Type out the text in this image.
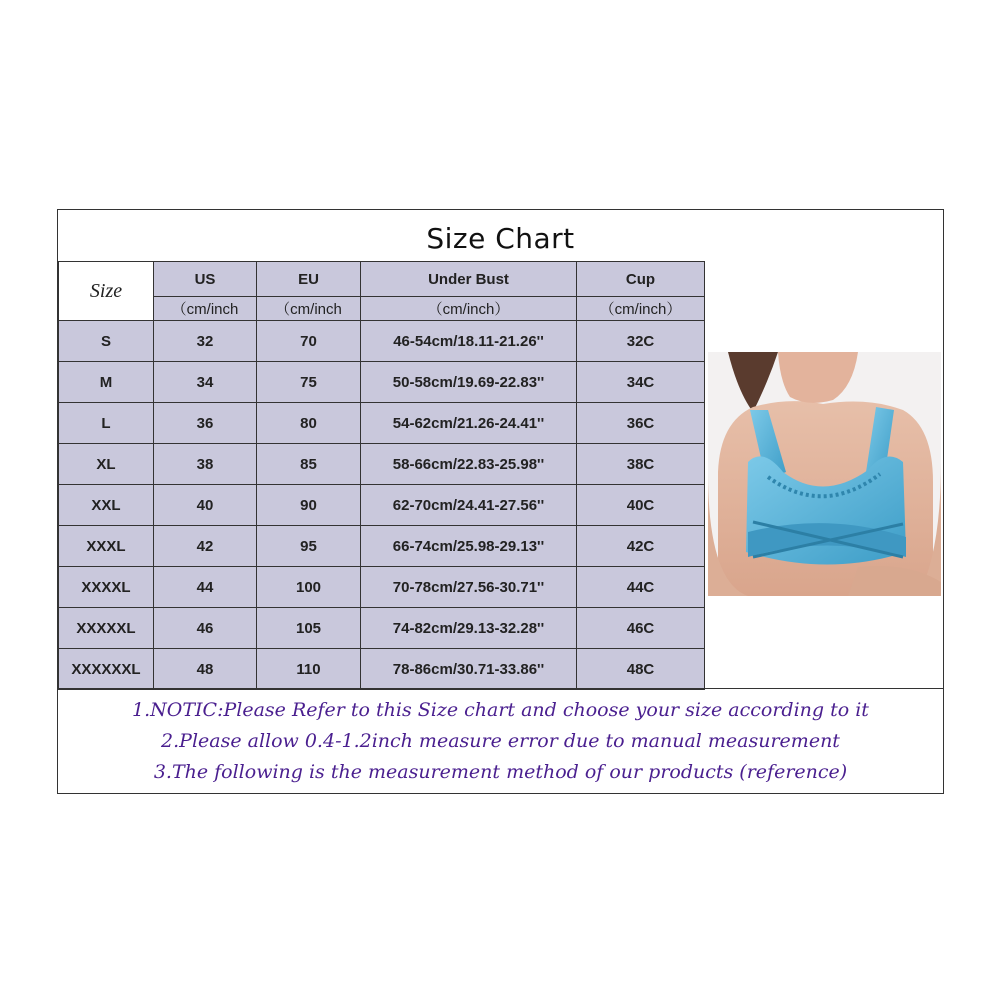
Size Chart
Size	US	EU	Under Bust	Cup
	（cm/inch	（cm/inch	（cm/inch）	（cm/inch）
S	32	70	46-54cm/18.11-21.26''	32C
M	34	75	50-58cm/19.69-22.83''	34C
L	36	80	54-62cm/21.26-24.41''	36C
XL	38	85	58-66cm/22.83-25.98''	38C
XXL	40	90	62-70cm/24.41-27.56''	40C
XXXL	42	95	66-74cm/25.98-29.13''	42C
XXXXL	44	100	70-78cm/27.56-30.71''	44C
XXXXXL	46	105	74-82cm/29.13-32.28''	46C
XXXXXXL	48	110	78-86cm/30.71-33.86''	48C
1.NOTIC:Please Refer to this Size chart and choose your size according to it
2.Please allow 0.4-1.2inch measure error due to manual measurement
3.The following is the measurement method of our products (reference)
